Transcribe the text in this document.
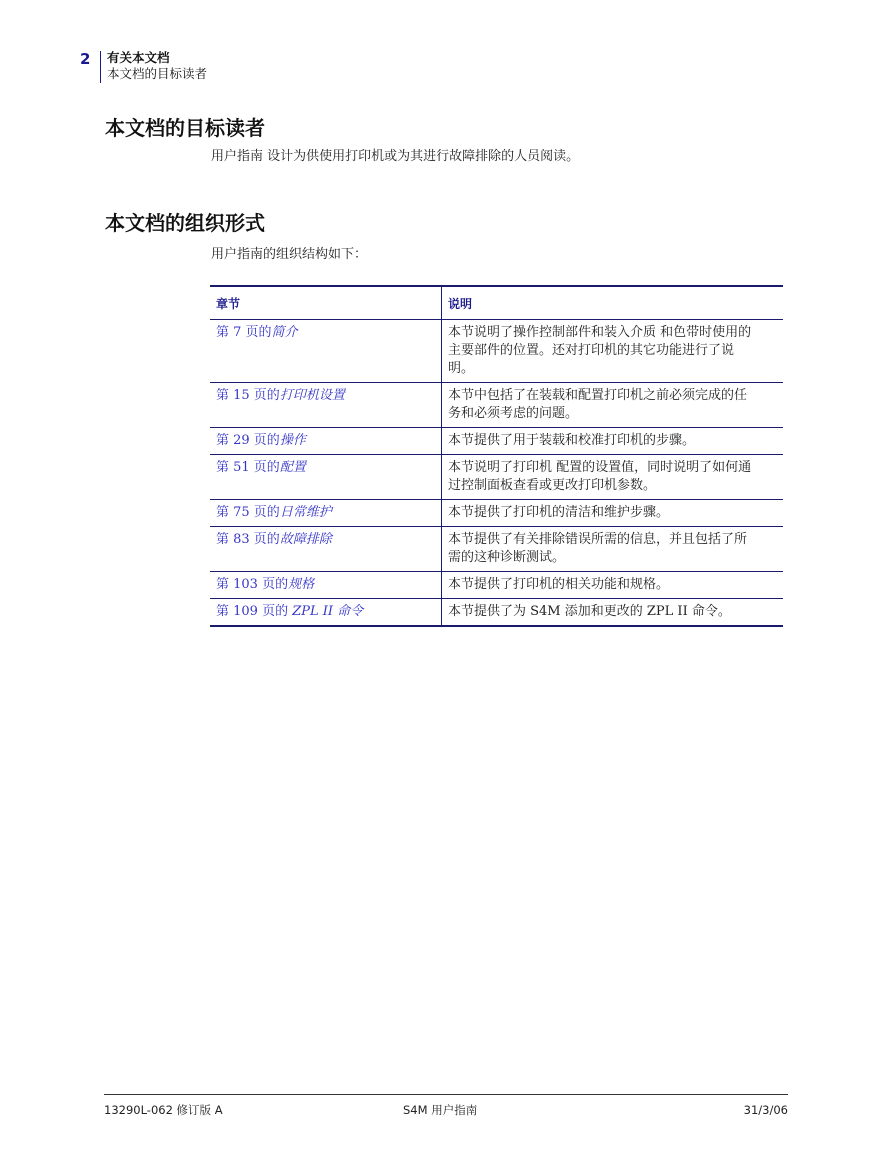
2	有关本文档
本文档的目标读者
本文档的目标读者

用户指南 设计为供使用打印机或为其进行故障排除的人员阅读。

本文档的组织形式

用户指南的组织结构如下：

章节	说明
第 7 页的简介	本节说明了操作控制部件和装入介质 和色带时使用的主要部件的位置。还对打印机的其它功能进行了说明。
第 15 页的打印机设置	本节中包括了在装载和配置打印机之前必须完成的任务和必须考虑的问题。
第 29 页的操作	本节提供了用于装载和校准打印机的步骤。
第 51 页的配置	本节说明了打印机 配置的设置值，同时说明了如何通过控制面板查看或更改打印机参数。
第 75 页的日常维护	本节提供了打印机的清洁和维护步骤。
第 83 页的故障排除	本节提供了有关排除错误所需的信息，并且包括了所需的这种诊断测试。
第 103 页的规格	本节提供了打印机的相关功能和规格。
第 109 页的 ZPL II 命令	本节提供了为 S4M 添加和更改的 ZPL II 命令。
13290L-062 修订版 A	S4M 用户指南	31/3/06
